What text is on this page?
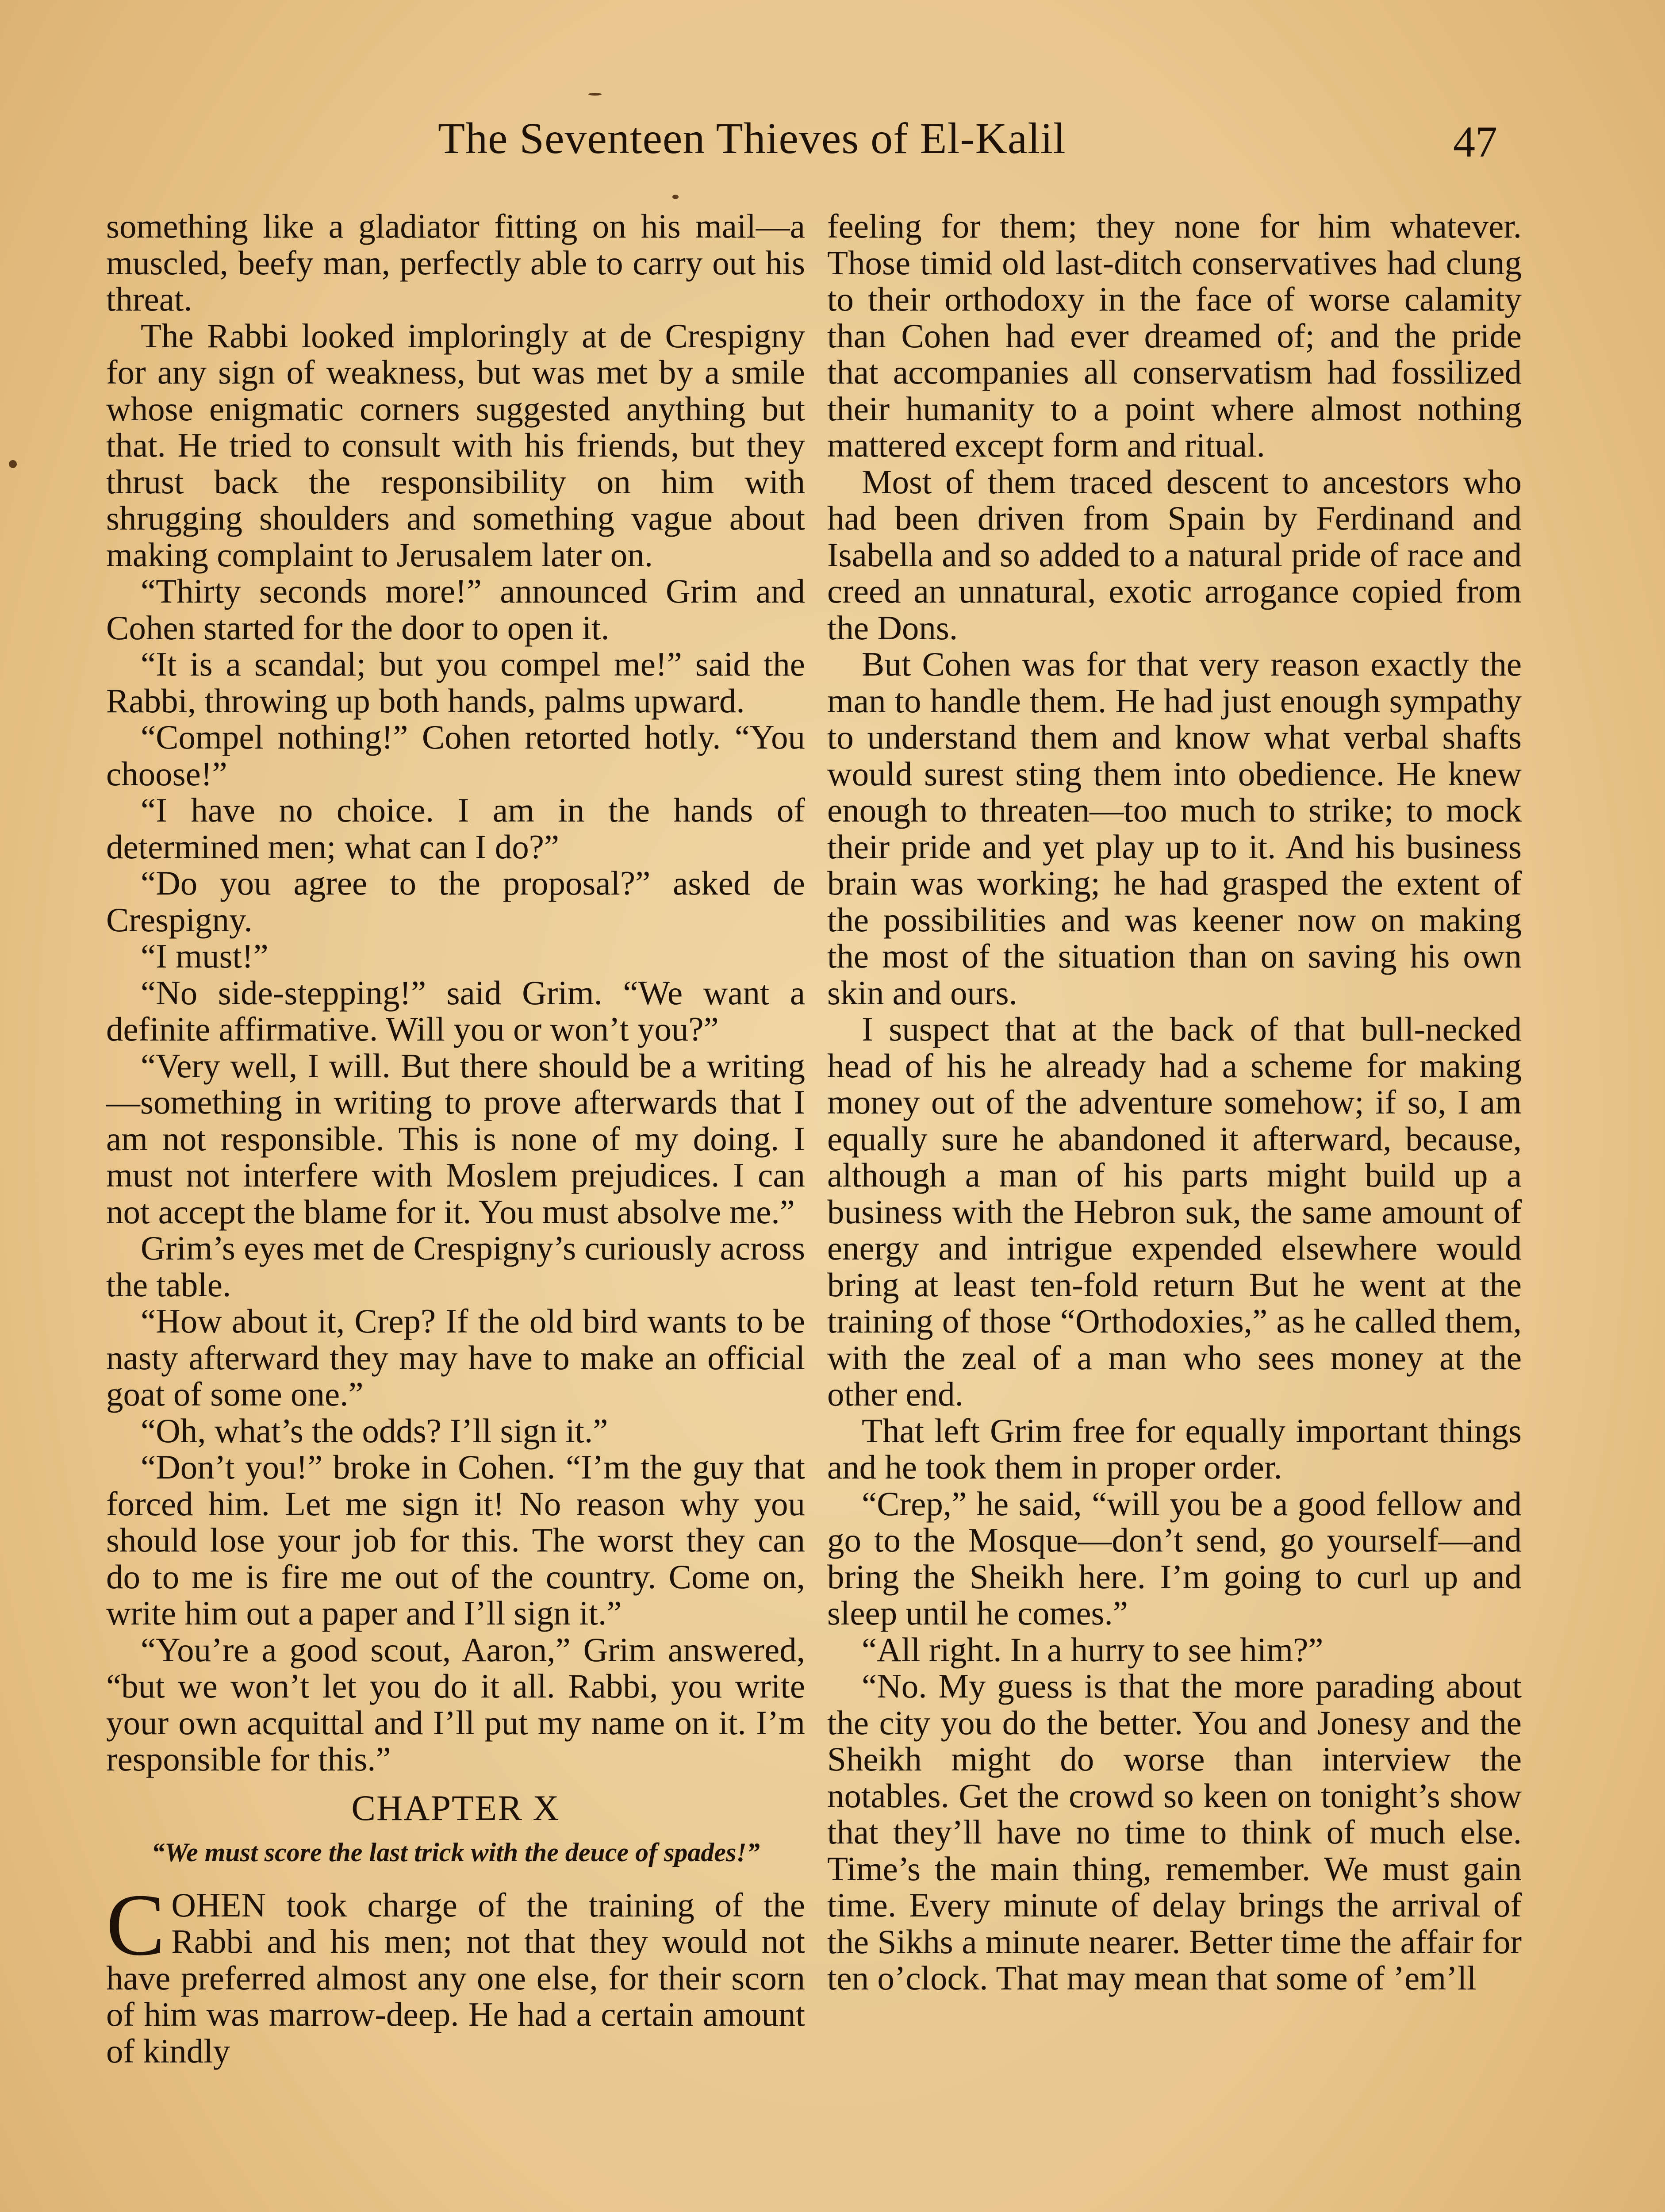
The Seventeen Thieves of El-Kalil	47

something like a gladiator fitting on his mail—a muscled, beefy man, perfectly able to carry out his threat.

The Rabbi looked imploringly at de Crespigny for any sign of weakness, but was met by a smile whose enigmatic corners suggested anything but that. He tried to consult with his friends, but they thrust back the responsibility on him with shrugging shoulders and something vague about making complaint to Jerusalem later on.

“Thirty seconds more!” announced Grim and Cohen started for the door to open it.

“It is a scandal; but you compel me!” said the Rabbi, throwing up both hands, palms upward.

“Compel nothing!” Cohen retorted hotly. “You choose!”

“I have no choice. I am in the hands of determined men; what can I do?”

“Do you agree to the proposal?” asked de Crespigny.

“I must!”

“No side-stepping!” said Grim. “We want a definite affirmative. Will you or won’t you?”

“Very well, I will. But there should be a writing—something in writing to prove afterwards that I am not responsible. This is none of my doing. I must not interfere with Moslem prejudices. I can not accept the blame for it. You must absolve me.”

Grim’s eyes met de Crespigny’s curiously across the table.

“How about it, Crep? If the old bird wants to be nasty afterward they may have to make an official goat of some one.”

“Oh, what’s the odds? I’ll sign it.”

“Don’t you!” broke in Cohen. “I’m the guy that forced him. Let me sign it! No reason why you should lose your job for this. The worst they can do to me is fire me out of the country. Come on, write him out a paper and I’ll sign it.”

“You’re a good scout, Aaron,” Grim answered, “but we won’t let you do it all. Rabbi, you write your own acquittal and I’ll put my name on it. I’m responsible for this.”

CHAPTER X
“We must score the last trick with the deuce of spades!”

COHEN took charge of the training of the Rabbi and his men; not that they would not have preferred almost any one else, for their scorn of him was marrow-deep. He had a certain amount of kindly

feeling for them; they none for him whatever. Those timid old last-ditch conservatives had clung to their orthodoxy in the face of worse calamity than Cohen had ever dreamed of; and the pride that accompanies all conservatism had fossilized their humanity to a point where almost nothing mattered except form and ritual.

Most of them traced descent to ancestors who had been driven from Spain by Ferdinand and Isabella and so added to a natural pride of race and creed an unnatural, exotic arrogance copied from the Dons.

But Cohen was for that very reason exactly the man to handle them. He had just enough sympathy to understand them and know what verbal shafts would surest sting them into obedience. He knew enough to threaten—too much to strike; to mock their pride and yet play up to it. And his business brain was working; he had grasped the extent of the possibilities and was keener now on making the most of the situation than on saving his own skin and ours.

I suspect that at the back of that bull-necked head of his he already had a scheme for making money out of the adventure somehow; if so, I am equally sure he abandoned it afterward, because, although a man of his parts might build up a business with the Hebron suk, the same amount of energy and intrigue expended elsewhere would bring at least ten-fold return But he went at the training of those “Orthodoxies,” as he called them, with the zeal of a man who sees money at the other end.

That left Grim free for equally important things and he took them in proper order.

“Crep,” he said, “will you be a good fellow and go to the Mosque—don’t send, go yourself—and bring the Sheikh here. I’m going to curl up and sleep until he comes.”

“All right. In a hurry to see him?”

“No. My guess is that the more parading about the city you do the better. You and Jonesy and the Sheikh might do worse than interview the notables. Get the crowd so keen on tonight’s show that they’ll have no time to think of much else. Time’s the main thing, remember. We must gain time. Every minute of delay brings the arrival of the Sikhs a minute nearer. Better time the affair for ten o’clock. That may mean that some of ’em’ll
